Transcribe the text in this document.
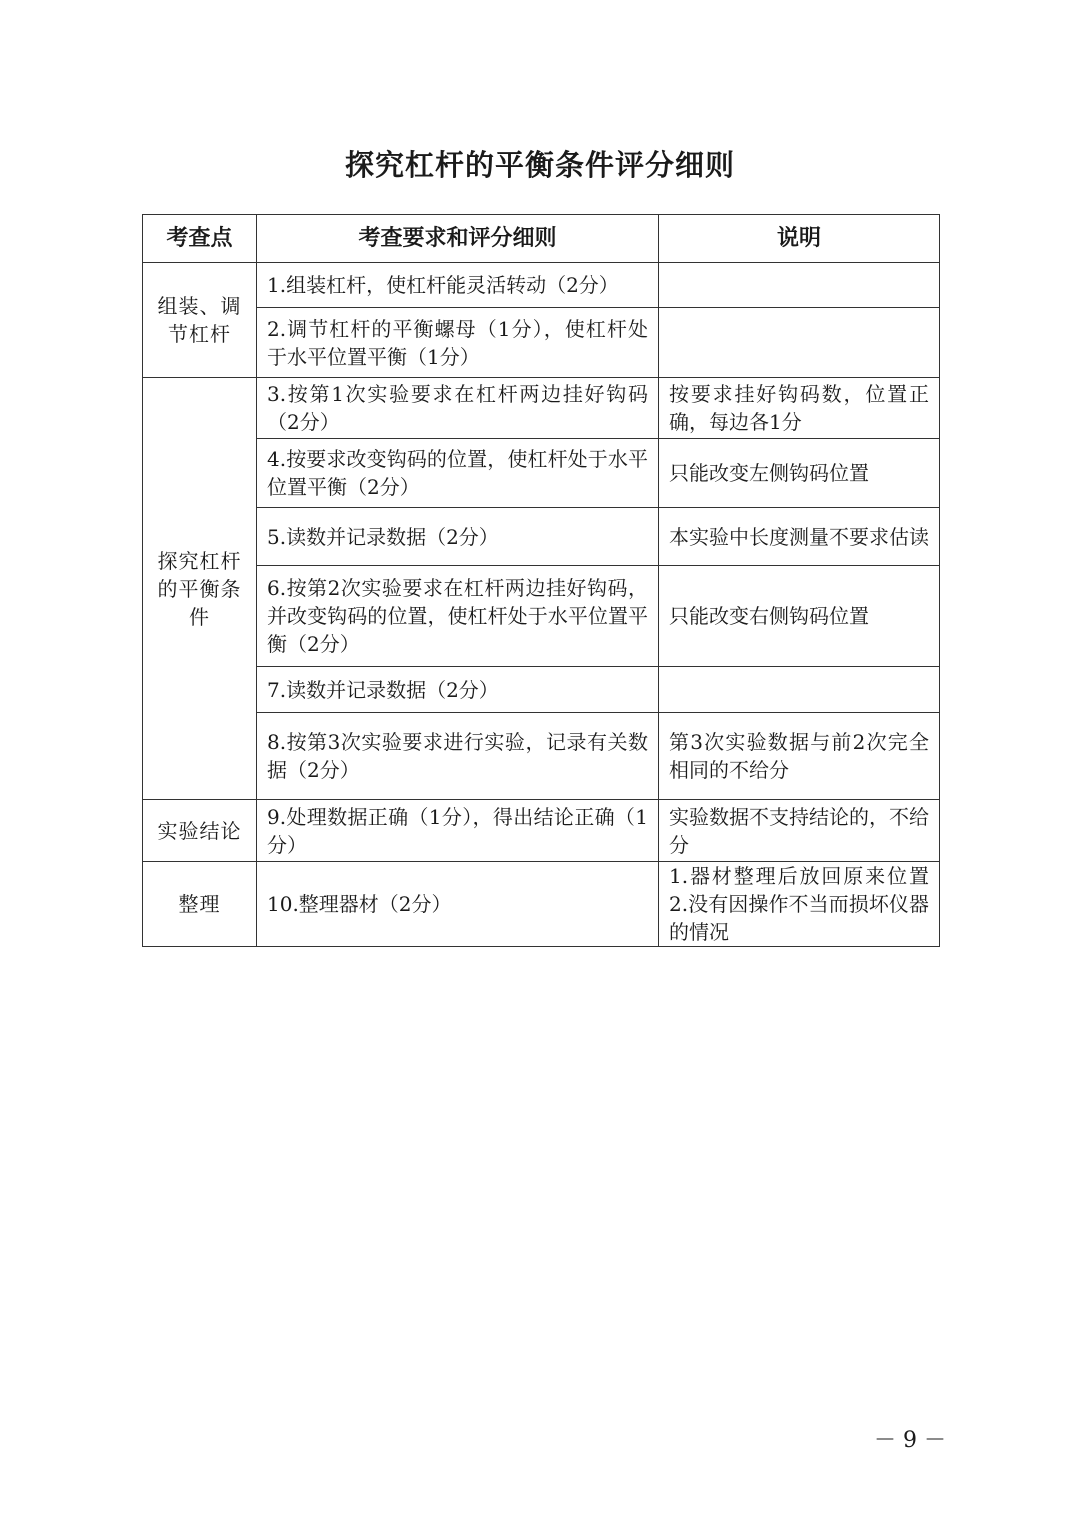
探究杠杆的平衡条件评分细则
考查点	考查要求和评分细则	说明
组装、调节杠杆	1.组装杠杆，使杠杆能灵活转动（2分）	
	2.调节杠杆的平衡螺母（1分），使杠杆处于水平位置平衡（1分）	
探究杠杆的平衡条件	3.按第1次实验要求在杠杆两边挂好钩码（2分）	按要求挂好钩码数，位置正确，每边各1分
	4.按要求改变钩码的位置，使杠杆处于水平位置平衡（2分）	只能改变左侧钩码位置
	5.读数并记录数据（2分）	本实验中长度测量不要求估读
	6.按第2次实验要求在杠杆两边挂好钩码，并改变钩码的位置，使杠杆处于水平位置平衡（2分）	只能改变右侧钩码位置
	7.读数并记录数据（2分）	
	8.按第3次实验要求进行实验，记录有关数据（2分）	第3次实验数据与前2次完全相同的不给分
实验结论	9.处理数据正确（1分），得出结论正确（1分）	实验数据不支持结论的，不给分
整理	10.整理器材（2分）	1.器材整理后放回原来位置 2.没有因操作不当而损坏仪器的情况
－ 9 －
